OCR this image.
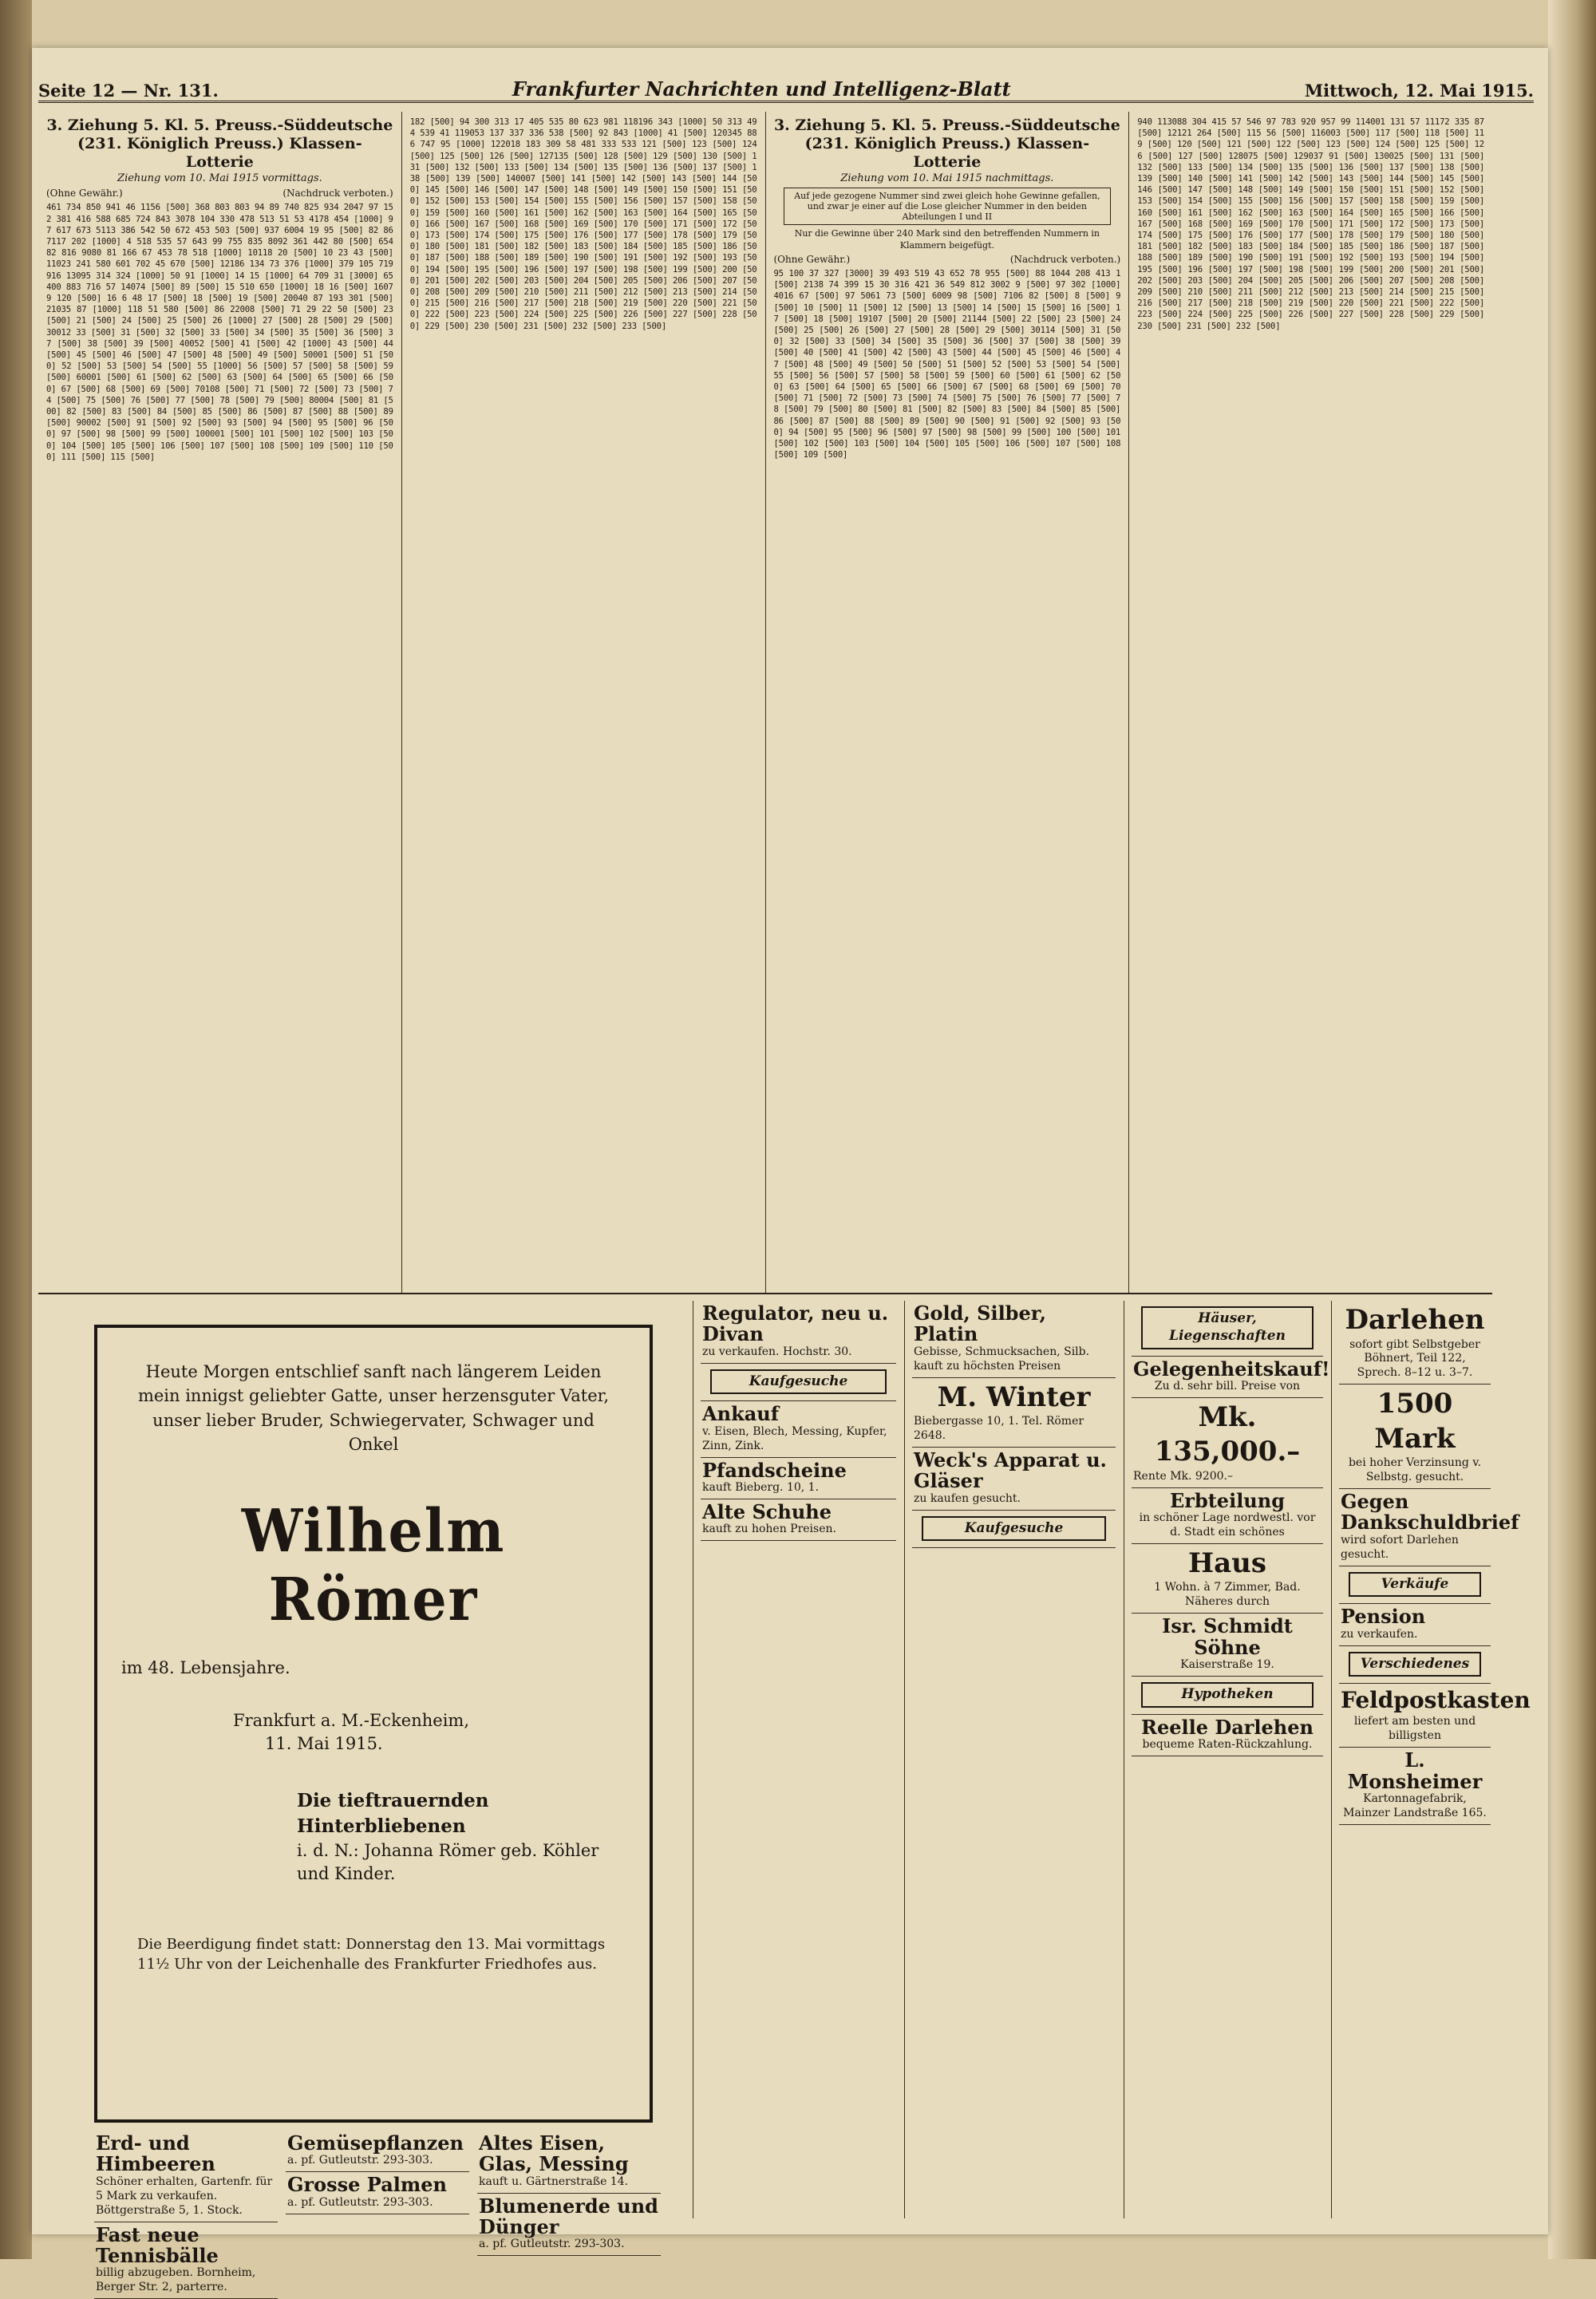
Seite 12 — Nr. 131.	Frankfurter Nachrichten und Intelligenz-Blatt	Mittwoch, 12. Mai 1915.
3. Ziehung 5. Kl. 5. Preuss.-Süddeutsche (231. Königlich Preuss.) Klassen-Lotterie
Ziehung vom 10. Mai 1915 vormittags.
(Ohne Gewähr.)	(Nachdruck verboten.)
461 734 850 941 46 1156 [500] 368 803 803 94 89 740 825 934 2047 97 152 381 416 588 685 724 843 3078 104 330 478 513 51 53 4178 454 [1000] 97 617 673 5113 386 542 50 672 453 503 [500] 937 6004 19 95 [500] 82 86 7117 202 [1000] 4 518 535 57 643 99 755 835 8092 361 442 80 [500] 654 82 816 9080 81 166 67 453 78 518 [1000] 10118 20 [500] 10 23 43 [500] 11023 241 580 601 702 45 670 [500] 12186 134 73 376 [1000] 379 105 719 916 13095 314 324 [1000] 50 91 [1000] 14 15 [1000] 64 709 31 [3000] 65 400 883 716 57 14074 [500] 89 [500] 15 510 650 [1000] 18 16 [500] 16079 120 [500] 16 6 48 17 [500] 18 [500] 19 [500] 20040 87 193 301 [500] 21035 87 [1000] 118 51 580 [500] 86 22008 [500] 71 29 22 50 [500] 23 [500] 21 [500] 24 [500] 25 [500] 26 [1000] 27 [500] 28 [500] 29 [500] 30012 33 [500] 31 [500] 32 [500] 33 [500] 34 [500] 35 [500] 36 [500] 37 [500] 38 [500] 39 [500] 40052 [500] 41 [500] 42 [1000] 43 [500] 44 [500] 45 [500] 46 [500] 47 [500] 48 [500] 49 [500] 50001 [500] 51 [500] 52 [500] 53 [500] 54 [500] 55 [1000] 56 [500] 57 [500] 58 [500] 59 [500] 60001 [500] 61 [500] 62 [500] 63 [500] 64 [500] 65 [500] 66 [500] 67 [500] 68 [500] 69 [500] 70108 [500] 71 [500] 72 [500] 73 [500] 74 [500] 75 [500] 76 [500] 77 [500] 78 [500] 79 [500] 80004 [500] 81 [500] 82 [500] 83 [500] 84 [500] 85 [500] 86 [500] 87 [500] 88 [500] 89 [500] 90002 [500] 91 [500] 92 [500] 93 [500] 94 [500] 95 [500] 96 [500] 97 [500] 98 [500] 99 [500] 100001 [500] 101 [500] 102 [500] 103 [500] 104 [500] 105 [500] 106 [500] 107 [500] 108 [500] 109 [500] 110 [500] 111 [500] 115 [500]
182 [500] 94 300 313 17 405 535 80 623 981 118196 343 [1000] 50 313 494 539 41 119053 137 337 336 538 [500] 92 843 [1000] 41 [500] 120345 886 747 95 [1000] 122018 183 309 58 481 333 533 121 [500] 123 [500] 124 [500] 125 [500] 126 [500] 127135 [500] 128 [500] 129 [500] 130 [500] 131 [500] 132 [500] 133 [500] 134 [500] 135 [500] 136 [500] 137 [500] 138 [500] 139 [500] 140007 [500] 141 [500] 142 [500] 143 [500] 144 [500] 145 [500] 146 [500] 147 [500] 148 [500] 149 [500] 150 [500] 151 [500] 152 [500] 153 [500] 154 [500] 155 [500] 156 [500] 157 [500] 158 [500] 159 [500] 160 [500] 161 [500] 162 [500] 163 [500] 164 [500] 165 [500] 166 [500] 167 [500] 168 [500] 169 [500] 170 [500] 171 [500] 172 [500] 173 [500] 174 [500] 175 [500] 176 [500] 177 [500] 178 [500] 179 [500] 180 [500] 181 [500] 182 [500] 183 [500] 184 [500] 185 [500] 186 [500] 187 [500] 188 [500] 189 [500] 190 [500] 191 [500] 192 [500] 193 [500] 194 [500] 195 [500] 196 [500] 197 [500] 198 [500] 199 [500] 200 [500] 201 [500] 202 [500] 203 [500] 204 [500] 205 [500] 206 [500] 207 [500] 208 [500] 209 [500] 210 [500] 211 [500] 212 [500] 213 [500] 214 [500] 215 [500] 216 [500] 217 [500] 218 [500] 219 [500] 220 [500] 221 [500] 222 [500] 223 [500] 224 [500] 225 [500] 226 [500] 227 [500] 228 [500] 229 [500] 230 [500] 231 [500] 232 [500] 233 [500]
3. Ziehung 5. Kl. 5. Preuss.-Süddeutsche (231. Königlich Preuss.) Klassen-Lotterie
Ziehung vom 10. Mai 1915 nachmittags.
Auf jede gezogene Nummer sind zwei gleich hohe Gewinne gefallen, und zwar je einer auf die Lose gleicher Nummer in den beiden Abteilungen I und II
Nur die Gewinne über 240 Mark sind den betreffenden Nummern in Klammern beigefügt.
(Ohne Gewähr.)	(Nachdruck verboten.)
95 100 37 327 [3000] 39 493 519 43 652 78 955 [500] 88 1044 208 413 1 [500] 2138 74 399 15 30 316 421 36 549 812 3002 9 [500] 97 302 [1000] 4016 67 [500] 97 5061 73 [500] 6009 98 [500] 7106 82 [500] 8 [500] 9 [500] 10 [500] 11 [500] 12 [500] 13 [500] 14 [500] 15 [500] 16 [500] 17 [500] 18 [500] 19107 [500] 20 [500] 21144 [500] 22 [500] 23 [500] 24 [500] 25 [500] 26 [500] 27 [500] 28 [500] 29 [500] 30114 [500] 31 [500] 32 [500] 33 [500] 34 [500] 35 [500] 36 [500] 37 [500] 38 [500] 39 [500] 40 [500] 41 [500] 42 [500] 43 [500] 44 [500] 45 [500] 46 [500] 47 [500] 48 [500] 49 [500] 50 [500] 51 [500] 52 [500] 53 [500] 54 [500] 55 [500] 56 [500] 57 [500] 58 [500] 59 [500] 60 [500] 61 [500] 62 [500] 63 [500] 64 [500] 65 [500] 66 [500] 67 [500] 68 [500] 69 [500] 70 [500] 71 [500] 72 [500] 73 [500] 74 [500] 75 [500] 76 [500] 77 [500] 78 [500] 79 [500] 80 [500] 81 [500] 82 [500] 83 [500] 84 [500] 85 [500] 86 [500] 87 [500] 88 [500] 89 [500] 90 [500] 91 [500] 92 [500] 93 [500] 94 [500] 95 [500] 96 [500] 97 [500] 98 [500] 99 [500] 100 [500] 101 [500] 102 [500] 103 [500] 104 [500] 105 [500] 106 [500] 107 [500] 108 [500] 109 [500]
940 113088 304 415 57 546 97 783 920 957 99 114001 131 57 11172 335 87 [500] 12121 264 [500] 115 56 [500] 116003 [500] 117 [500] 118 [500] 119 [500] 120 [500] 121 [500] 122 [500] 123 [500] 124 [500] 125 [500] 126 [500] 127 [500] 128075 [500] 129037 91 [500] 130025 [500] 131 [500] 132 [500] 133 [500] 134 [500] 135 [500] 136 [500] 137 [500] 138 [500] 139 [500] 140 [500] 141 [500] 142 [500] 143 [500] 144 [500] 145 [500] 146 [500] 147 [500] 148 [500] 149 [500] 150 [500] 151 [500] 152 [500] 153 [500] 154 [500] 155 [500] 156 [500] 157 [500] 158 [500] 159 [500] 160 [500] 161 [500] 162 [500] 163 [500] 164 [500] 165 [500] 166 [500] 167 [500] 168 [500] 169 [500] 170 [500] 171 [500] 172 [500] 173 [500] 174 [500] 175 [500] 176 [500] 177 [500] 178 [500] 179 [500] 180 [500] 181 [500] 182 [500] 183 [500] 184 [500] 185 [500] 186 [500] 187 [500] 188 [500] 189 [500] 190 [500] 191 [500] 192 [500] 193 [500] 194 [500] 195 [500] 196 [500] 197 [500] 198 [500] 199 [500] 200 [500] 201 [500] 202 [500] 203 [500] 204 [500] 205 [500] 206 [500] 207 [500] 208 [500] 209 [500] 210 [500] 211 [500] 212 [500] 213 [500] 214 [500] 215 [500] 216 [500] 217 [500] 218 [500] 219 [500] 220 [500] 221 [500] 222 [500] 223 [500] 224 [500] 225 [500] 226 [500] 227 [500] 228 [500] 229 [500] 230 [500] 231 [500] 232 [500]
Heute Morgen entschlief sanft nach längerem Leiden mein innigst geliebter Gatte, unser herzensguter Vater, unser lieber Bruder, Schwiegervater, Schwager und Onkel
Wilhelm Römer
im 48. Lebensjahre.
Frankfurt a. M.-Eckenheim,
11. Mai 1915.
Die tieftrauernden Hinterbliebenen
i. d. N.: Johanna Römer geb. Köhler und Kinder.
Die Beerdigung findet statt: Donnerstag den 13. Mai vormittags 11½ Uhr von der Leichenhalle des Frankfurter Friedhofes aus.
Erd- und Himbeeren
Schöner erhalten, Gartenfr. für 5 Mark zu verkaufen. Böttgerstraße 5, 1. Stock.
Fast neue Tennisbälle
billig abzugeben. Bornheim, Berger Str. 2, parterre.
Gemüsepflanzen
a. pf. Gutleutstr. 293-303.
Grosse Palmen
a. pf. Gutleutstr. 293-303.
Altes Eisen, Glas, Messing
kauft u. Gärtnerstraße 14.
Blumenerde und Dünger
a. pf. Gutleutstr. 293-303.
Regulator, neu u. Divan
zu verkaufen. Hochstr. 30.
Kaufgesuche
Ankauf
v. Eisen, Blech, Messing, Kupfer, Zinn, Zink.
Pfandscheine
kauft Bieberg. 10, 1.
Alte Schuhe
kauft zu hohen Preisen.
Gold, Silber, Platin
Gebisse, Schmucksachen, Silb. kauft zu höchsten Preisen
M. Winter
Biebergasse 10, 1. Tel. Römer 2648.
Weck's Apparat u. Gläser
zu kaufen gesucht.
Kaufgesuche
Häuser, Liegenschaften
Gelegenheitskauf!
Zu d. sehr bill. Preise von
Mk. 135,000.–
Rente Mk. 9200.–
Erbteilung
in schöner Lage nordwestl. vor d. Stadt ein schönes
Haus
1 Wohn. à 7 Zimmer, Bad. Näheres durch
Isr. Schmidt Söhne
Kaiserstraße 19.
Hypotheken
Reelle Darlehen
bequeme Raten-Rückzahlung.
Darlehen
sofort gibt Selbstgeber Böhnert, Teil 122, Sprech. 8–12 u. 3–7.
1500 Mark
bei hoher Verzinsung v. Selbstg. gesucht.
Gegen Dankschuldbrief
wird sofort Darlehen gesucht.
Verkäufe
Pension
zu verkaufen.
Verschiedenes
Feldpostkasten
liefert am besten und billigsten
L. Monsheimer
Kartonnagefabrik, Mainzer Landstraße 165.
